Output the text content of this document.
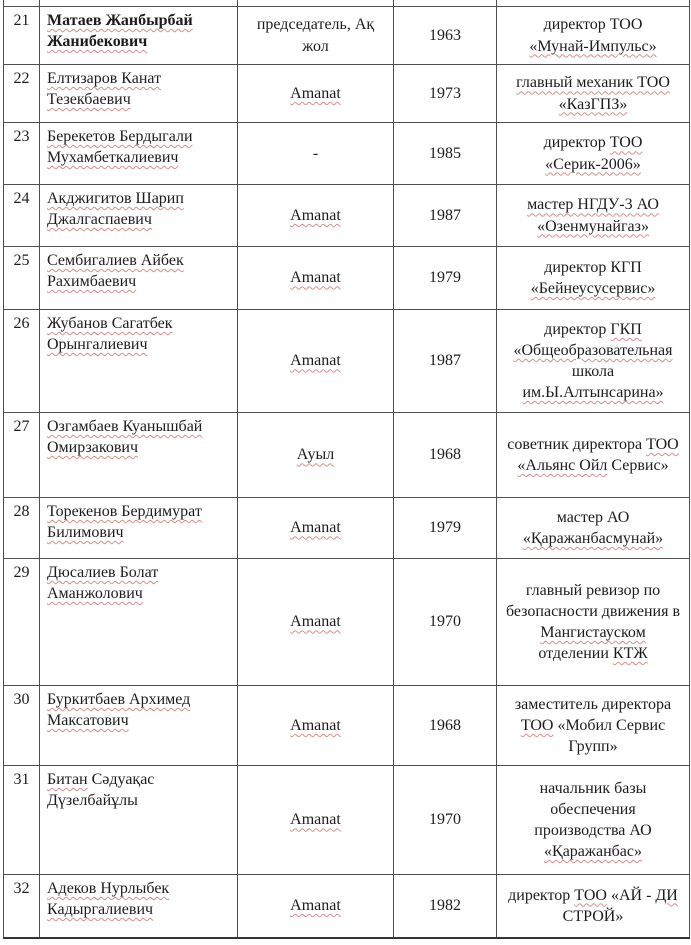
21	Матаев Жанбырбай Жанибекович	председатель, Ақ жол	1963	директор ТОО «Мунай-Импульс»
22	Елтизаров Канат Тезекбаевич	Amanat	1973	главный механик ТОО «КазГПЗ»
23	Берекетов Бердыгали Мухамбеткалиевич	-	1985	директор ТОО «Серик-2006»
24	Акджигитов Шарип Джалгаспаевич	Amanat	1987	мастер НГДУ-3 АО «Озенмунайгаз»
25	Сембигалиев Айбек Рахимбаевич	Amanat	1979	директор КГП «Бейнеусусервис»
26	Жубанов Сагатбек Орынгалиевич	Amanat	1987	директор ГКП «Общеобразовательная школа им.Ы.Алтынсарина»
27	Озгамбаев Куанышбай Омирзакович	Ауыл	1968	советник директора ТОО «Альянс Ойл Сервис»
28	Торекенов Бердимурат Билимович	Amanat	1979	мастер АО «Қаражанбасмунай»
29	Дюсалиев Болат Аманжолович	Amanat	1970	главный ревизор по безопасности движения в Мангистауском отделении КТЖ
30	Буркитбаев Архимед Максатович	Amanat	1968	заместитель директора ТОО «Мобил Сервис Групп»
31	Битан Сәдуақас Дүзелбайұлы	Amanat	1970	начальник базы обеспечения производства АО «Қаражанбас»
32	Адеков Нурлыбек Кадыргалиевич	Amanat	1982	директор ТОО «АЙ - ДИ СТРОЙ»
